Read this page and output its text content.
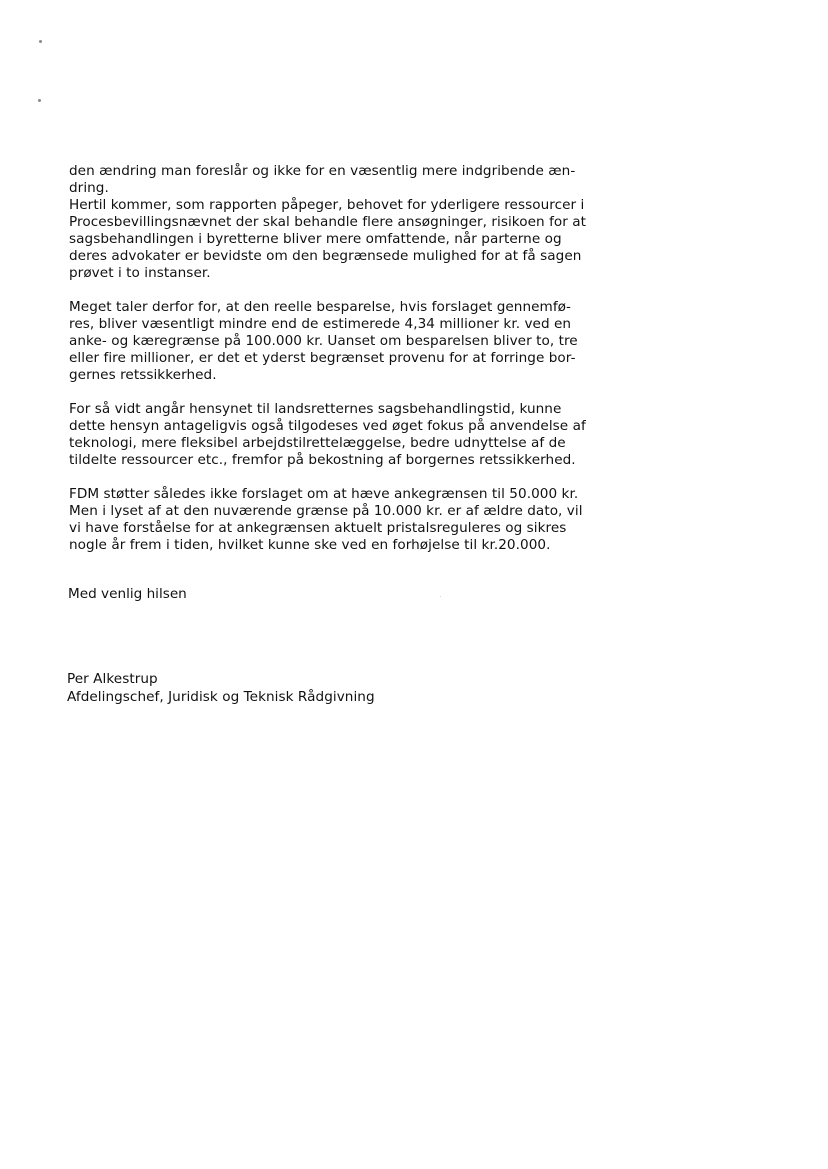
den ændring man foreslår og ikke for en væsentlig mere indgribende æn-
dring.
Hertil kommer, som rapporten påpeger, behovet for yderligere ressourcer i
Procesbevillingsnævnet der skal behandle flere ansøgninger, risikoen for at
sagsbehandlingen i byretterne bliver mere omfattende, når parterne og
deres advokater er bevidste om den begrænsede mulighed for at få sagen
prøvet i to instanser.
Meget taler derfor for, at den reelle besparelse, hvis forslaget gennemfø-
res, bliver væsentligt mindre end de estimerede 4,34 millioner kr. ved en
anke- og kæregrænse på 100.000 kr. Uanset om besparelsen bliver to, tre
eller fire millioner, er det et yderst begrænset provenu for at forringe bor-
gernes retssikkerhed.
For så vidt angår hensynet til landsretternes sagsbehandlingstid, kunne
dette hensyn antageligvis også tilgodeses ved øget fokus på anvendelse af
teknologi, mere fleksibel arbejdstilrettelæggelse, bedre udnyttelse af de
tildelte ressourcer etc., fremfor på bekostning af borgernes retssikkerhed.
FDM støtter således ikke forslaget om at hæve ankegrænsen til 50.000 kr.
Men i lyset af at den nuværende grænse på 10.000 kr. er af ældre dato, vil
vi have forståelse for at ankegrænsen aktuelt pristalsreguleres og sikres
nogle år frem i tiden, hvilket kunne ske ved en forhøjelse til kr.20.000.
Med venlig hilsen
Per Alkestrup
Afdelingschef, Juridisk og Teknisk Rådgivning
